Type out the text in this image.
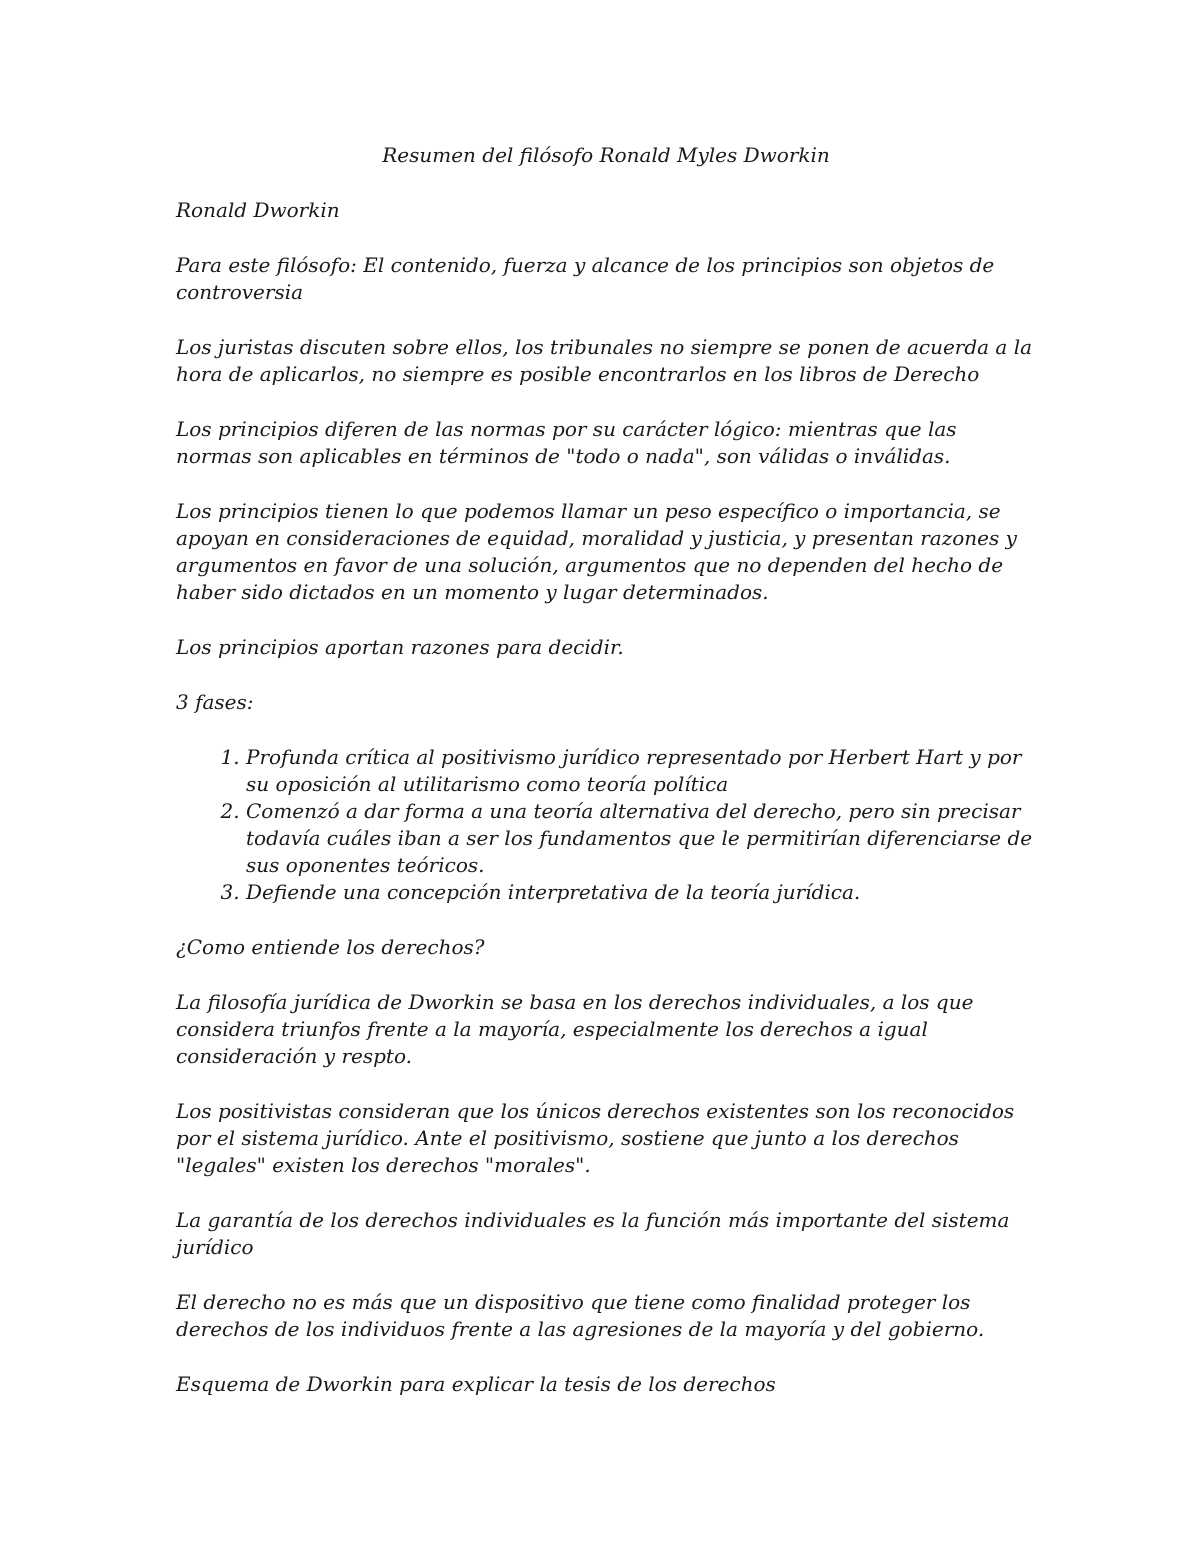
Resumen del filósofo Ronald Myles Dworkin

Ronald Dworkin

Para este filósofo: El contenido, fuerza y alcance de los principios son objetos de controversia

Los juristas discuten sobre ellos, los tribunales no siempre se ponen de acuerda a la hora de aplicarlos, no siempre es posible encontrarlos en los libros de Derecho

Los principios diferen de las normas por su carácter lógico: mientras que las normas son aplicables en términos de "todo o nada", son válidas o inválidas.

Los principios tienen lo que podemos llamar un peso específico o importancia, se apoyan en consideraciones de equidad, moralidad y justicia, y presentan razones y argumentos en favor de una solución, argumentos que no dependen del hecho de haber sido dictados en un momento y lugar determinados.

Los principios aportan razones para decidir.

3 fases:

1. Profunda crítica al positivismo jurídico representado por Herbert Hart y por su oposición al utilitarismo como teoría política
2. Comenzó a dar forma a una teoría alternativa del derecho, pero sin precisar todavía cuáles iban a ser los fundamentos que le permitirían diferenciarse de sus oponentes teóricos.
3. Defiende una concepción interpretativa de la teoría jurídica.

¿Como entiende los derechos?

La filosofía jurídica de Dworkin se basa en los derechos individuales, a los que considera triunfos frente a la mayoría, especialmente los derechos a igual consideración y respto.

Los positivistas consideran que los únicos derechos existentes son los reconocidos por el sistema jurídico. Ante el positivismo, sostiene que junto a los derechos "legales" existen los derechos "morales".

La garantía de los derechos individuales es la función más importante del sistema jurídico

El derecho no es más que un dispositivo que tiene como finalidad proteger los derechos de los individuos frente a las agresiones de la mayoría y del gobierno.

Esquema de Dworkin para explicar la tesis de los derechos
